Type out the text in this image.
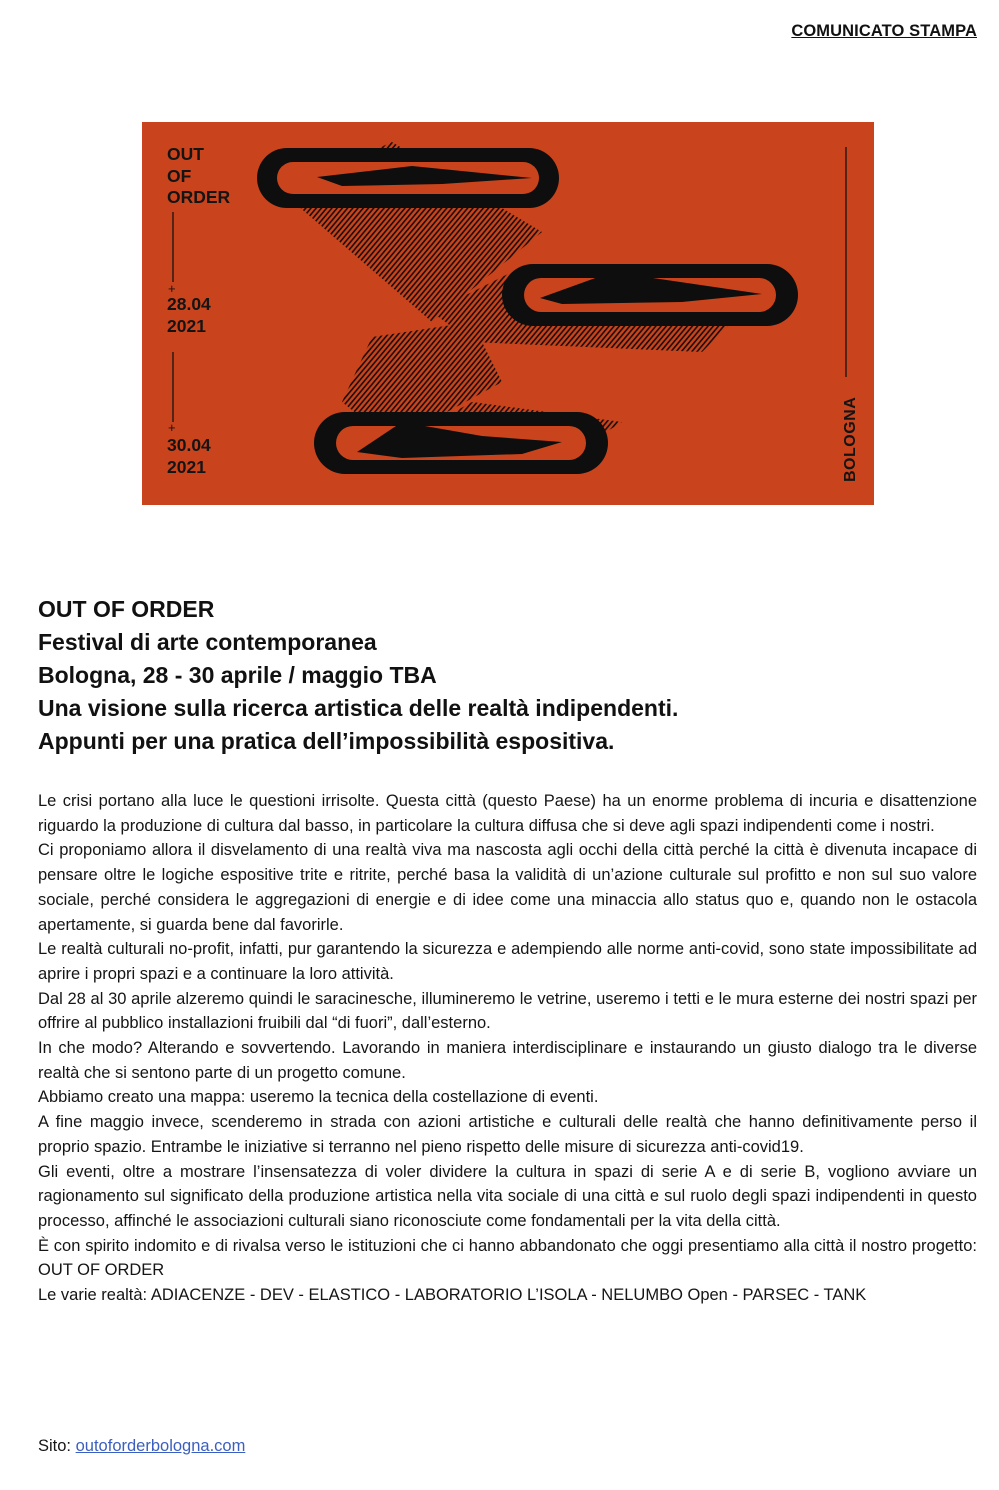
COMUNICATO STAMPA
+
+
OUT
OF
ORDER
28.04
2021
30.04
2021	BOLOGNA
OUT OF ORDER
Festival di arte contemporanea
Bologna, 28 - 30 aprile / maggio TBA
Una visione sulla ricerca artistica delle realtà indipendenti.
Appunti per una pratica dell’impossibilità espositiva.

Le crisi portano alla luce le questioni irrisolte. Questa città (questo Paese) ha un enorme problema di incuria e disattenzione riguardo la produzione di cultura dal basso, in particolare la cultura diffusa che si deve agli spazi indipendenti come i nostri.

Ci proponiamo allora il disvelamento di una realtà viva ma nascosta agli occhi della città perché la città è divenuta incapace di pensare oltre le logiche espositive trite e ritrite, perché basa la validità di un’azione culturale sul profitto e non sul suo valore sociale, perché considera le aggregazioni di energie e di idee come una minaccia allo status quo e, quando non le ostacola apertamente, si guarda bene dal favorirle.

Le realtà culturali no-profit, infatti, pur garantendo la sicurezza e adempiendo alle norme anti-covid, sono state impossibilitate ad aprire i propri spazi e a continuare la loro attività.

Dal 28 al 30 aprile alzeremo quindi le saracinesche, illumineremo le vetrine, useremo i tetti e le mura esterne dei nostri spazi per offrire al pubblico installazioni fruibili dal “di fuori”, dall’esterno.

In che modo? Alterando e sovvertendo. Lavorando in maniera interdisciplinare e instaurando un giusto dialogo tra le diverse realtà che si sentono parte di un progetto comune.

Abbiamo creato una mappa: useremo la tecnica della costellazione di eventi.

A fine maggio invece, scenderemo in strada con azioni artistiche e culturali delle realtà che hanno definitivamente perso il proprio spazio. Entrambe le iniziative si terranno nel pieno rispetto delle misure di sicurezza anti-covid19.

Gli eventi, oltre a mostrare l’insensatezza di voler dividere la cultura in spazi di serie A e di serie B, vogliono avviare un ragionamento sul significato della produzione artistica nella vita sociale di una città e sul ruolo degli spazi indipendenti in questo processo, affinché le associazioni culturali siano riconosciute come fondamentali per la vita della città.

È con spirito indomito e di rivalsa verso le istituzioni che ci hanno abbandonato che oggi presentiamo alla città il nostro progetto: OUT OF ORDER

Le varie realtà: ADIACENZE - DEV - ELASTICO - LABORATORIO L’ISOLA - NELUMBO Open - PARSEC - TANK

Sito: outoforderbologna.com
